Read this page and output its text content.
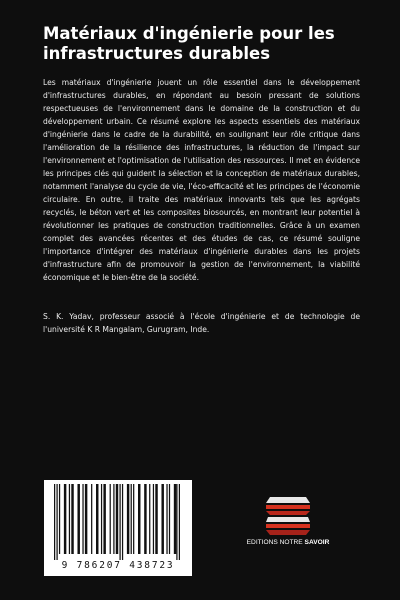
Matériaux d'ingénierie pour les infrastructures durables
Les matériaux d'ingénierie jouent un rôle essentiel dans le développement d'infrastructures durables, en répondant au besoin pressant de solutions respectueuses de l'environnement dans le domaine de la construction et du développement urbain. Ce résumé explore les aspects essentiels des matériaux d'ingénierie dans le cadre de la durabilité, en soulignant leur rôle critique dans l'amélioration de la résilience des infrastructures, la réduction de l'impact sur l'environnement et l'optimisation de l'utilisation des ressources. Il met en évidence les principes clés qui guident la sélection et la conception de matériaux durables, notamment l'analyse du cycle de vie, l'éco-efficacité et les principes de l'économie circulaire. En outre, il traite des matériaux innovants tels que les agrégats recyclés, le béton vert et les composites biosourcés, en montrant leur potentiel à révolutionner les pratiques de construction traditionnelles. Grâce à un examen complet des avancées récentes et des études de cas, ce résumé souligne l'importance d'intégrer des matériaux d'ingénierie durables dans les projets d'infrastructure afin de promouvoir la gestion de l'environnement, la viabilité économique et le bien-être de la société.
S. K. Yadav, professeur associé à l'école d'ingénierie et de technologie de l'université K R Mangalam, Gurugram, Inde.
9 786207 438723
EDITIONS NOTRE SAVOIR
